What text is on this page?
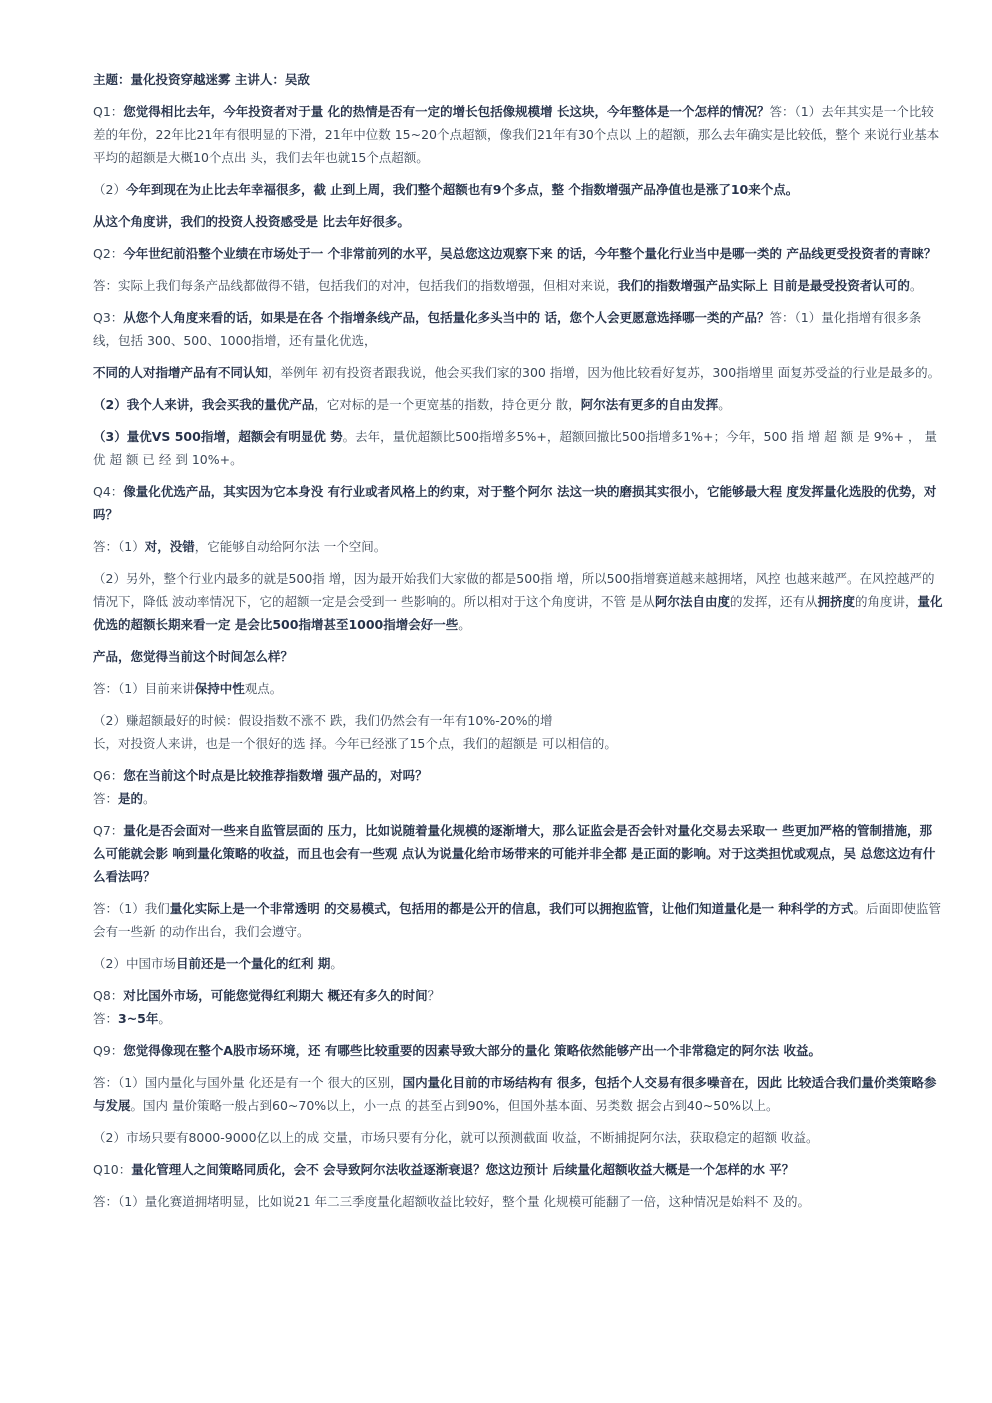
主题：量化投资穿越迷雾 主讲人：吴敌

Q1：您觉得相比去年，今年投资者对于量 化的热情是否有一定的增长包括像规模增 长这块，今年整体是一个怎样的情况？答：（1）去年其实是一个比较差的年份，22年比21年有很明显的下滑，21年中位数 15~20个点超额，像我们21年有30个点以 上的超额，那么去年确实是比较低，整个 来说行业基本平均的超额是大概10个点出 头，我们去年也就15个点超额。

（2）今年到现在为止比去年幸福很多，截 止到上周，我们整个超额也有9个多点，整 个指数增强产品净值也是涨了10来个点。

从这个角度讲，我们的投资人投资感受是 比去年好很多。

Q2：今年世纪前沿整个业绩在市场处于一 个非常前列的水平，吴总您这边观察下来 的话，今年整个量化行业当中是哪一类的 产品线更受投资者的青睐？

答：实际上我们每条产品线都做得不错，包括我们的对冲，包括我们的指数增强，但相对来说，我们的指数增强产品实际上 目前是最受投资者认可的。

Q3：从您个人角度来看的话，如果是在各 个指增条线产品，包括量化多头当中的 话，您个人会更愿意选择哪一类的产品？答：（1）量化指增有很多条线，包括 300、500、1000指增，还有量化优选，

不同的人对指增产品有不同认知，举例年 初有投资者跟我说，他会买我们家的300 指增，因为他比较看好复苏，300指增里 面复苏受益的行业是最多的。

（2）我个人来讲，我会买我的量优产品，它对标的是一个更宽基的指数，持仓更分 散，阿尔法有更多的自由发挥。

（3）量优VS 500指增，超额会有明显优 势。去年，量优超额比500指增多5%+，超额回撤比500指增多1%+；今年，500 指 增 超 额 是 9%+ ， 量 优 超 额 已 经 到 10%+。

Q4：像量化优选产品，其实因为它本身没 有行业或者风格上的约束，对于整个阿尔 法这一块的磨损其实很小，它能够最大程 度发挥量化选股的优势，对吗？

答：（1）对，没错，它能够自动给阿尔法 一个空间。

（2）另外，整个行业内最多的就是500指 增，因为最开始我们大家做的都是500指 增，所以500指增赛道越来越拥堵，风控 也越来越严。在风控越严的情况下，降低 波动率情况下，它的超额一定是会受到一 些影响的。所以相对于这个角度讲，不管 是从阿尔法自由度的发挥，还有从拥挤度的角度讲，量化优选的超额长期来看一定 是会比500指增甚至1000指增会好一些。

产品，您觉得当前这个时间怎么样？

答：（1）目前来讲保持中性观点。

（2）赚超额最好的时候：假设指数不涨不 跌，我们仍然会有一年有10%-20%的增

长，对投资人来讲，也是一个很好的选 择。今年已经涨了15个点，我们的超额是 可以相信的。

Q6：您在当前这个时点是比较推荐指数增 强产品的，对吗？

答：是的。

Q7：量化是否会面对一些来自监管层面的 压力，比如说随着量化规模的逐渐增大，那么证监会是否会针对量化交易去采取一 些更加严格的管制措施，那么可能就会影 响到量化策略的收益，而且也会有一些观 点认为说量化给市场带来的可能并非全都 是正面的影响。对于这类担忧或观点，吴 总您这边有什么看法吗？

答：（1）我们量化实际上是一个非常透明 的交易模式，包括用的都是公开的信息，我们可以拥抱监管，让他们知道量化是一 种科学的方式。后面即使监管会有一些新 的动作出台，我们会遵守。

（2）中国市场目前还是一个量化的红利 期。

Q8：对比国外市场，可能您觉得红利期大 概还有多久的时间？

答：3~5年。

Q9：您觉得像现在整个A股市场环境，还 有哪些比较重要的因素导致大部分的量化 策略依然能够产出一个非常稳定的阿尔法 收益。

答：（1）国内量化与国外量 化还是有一个 很大的区别，国内量化目前的市场结构有 很多，包括个人交易有很多噪音在，因此 比较适合我们量价类策略参与发展。国内 量价策略一般占到60~70%以上，小一点 的甚至占到90%，但国外基本面、另类数 据会占到40~50%以上。

（2）市场只要有8000-9000亿以上的成 交量，市场只要有分化，就可以预测截面 收益，不断捕捉阿尔法，获取稳定的超额 收益。

Q10：量化管理人之间策略同质化，会不 会导致阿尔法收益逐渐衰退？您这边预计 后续量化超额收益大概是一个怎样的水 平？

答：（1）量化赛道拥堵明显，比如说21 年二三季度量化超额收益比较好，整个量 化规模可能翻了一倍，这种情况是始料不 及的。
